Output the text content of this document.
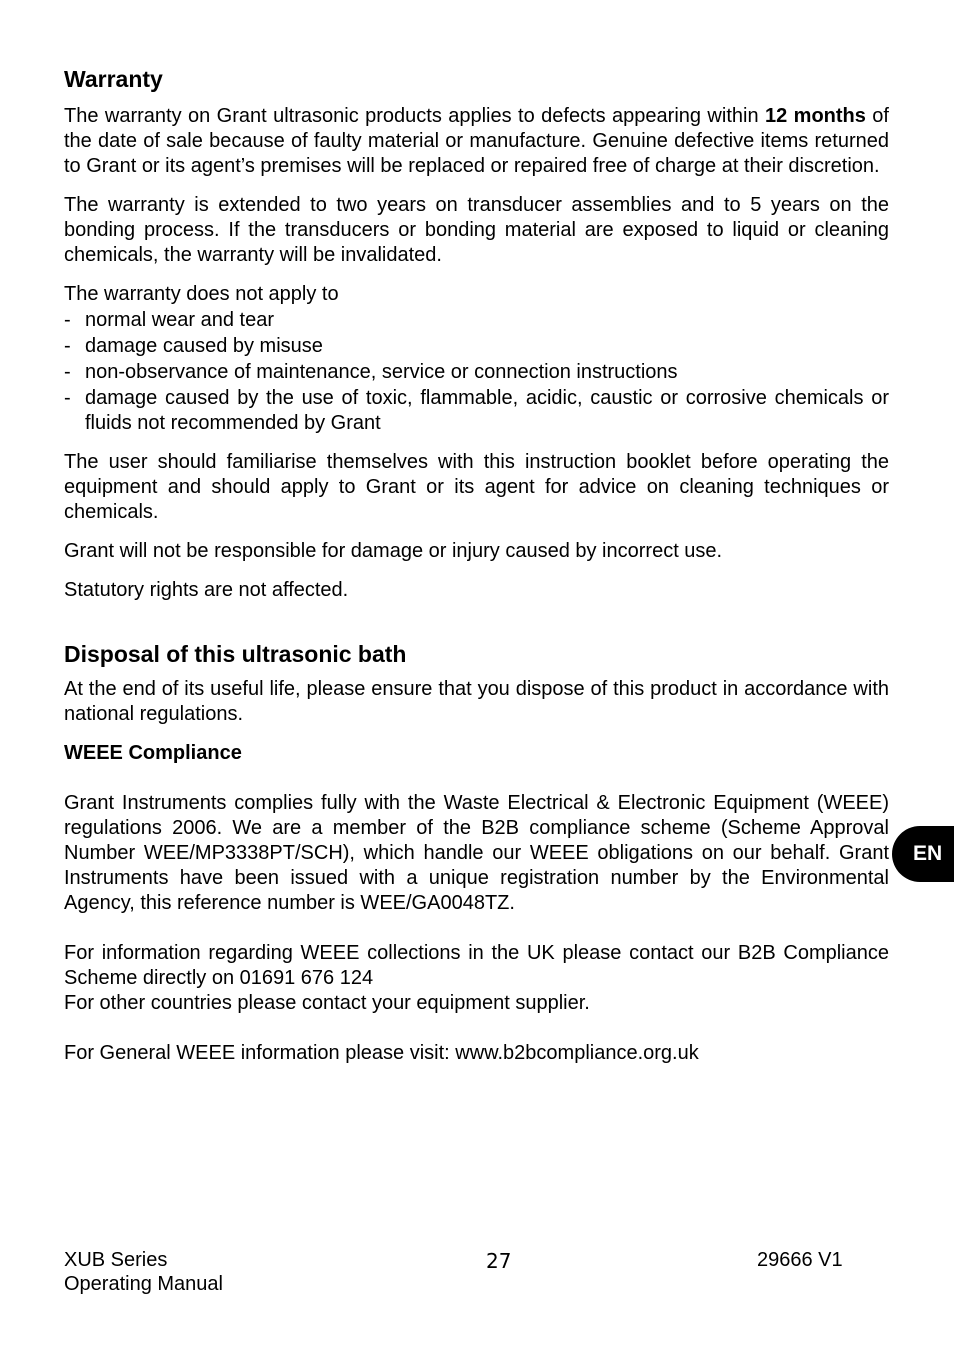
Warranty

The warranty on Grant ultrasonic products applies to defects appearing within 12 months of the date of sale because of faulty material or manufacture. Genuine defective items returned to Grant or its agent’s premises will be replaced or repaired free of charge at their discretion.

The warranty is extended to two years on transducer assemblies and to 5 years on the bonding process. If the transducers or bonding material are exposed to liquid or cleaning chemicals, the warranty will be invalidated.

The warranty does not apply to

- normal wear and tear
- damage caused by misuse
- non-observance of maintenance, service or connection instructions
- damage caused by the use of toxic, flammable, acidic, caustic or corrosive chemicals or fluids not recommended by Grant

The user should familiarise themselves with this instruction booklet before operating the equipment and should apply to Grant or its agent for advice on cleaning techniques or chemicals.

Grant will not be responsible for damage or injury caused by incorrect use.

Statutory rights are not affected.

Disposal of this ultrasonic bath

At the end of its useful life, please ensure that you dispose of this product in accordance with national regulations.

WEEE Compliance

Grant Instruments complies fully with the Waste Electrical & Electronic Equipment (WEEE) regulations 2006. We are a member of the B2B compliance scheme (Scheme Approval Number WEE/MP3338PT/SCH), which handle our WEEE obligations on our behalf. Grant Instruments have been issued with a unique registration number by the Environmental Agency, this reference number is WEE/GA0048TZ.

For information regarding WEEE collections in the UK please contact our B2B Compliance Scheme directly on 01691 676 124

For other countries please contact your equipment supplier.

For General WEEE information please visit: www.b2bcompliance.org.uk

EN
XUB Series
Operating Manual
27	29666 V1
